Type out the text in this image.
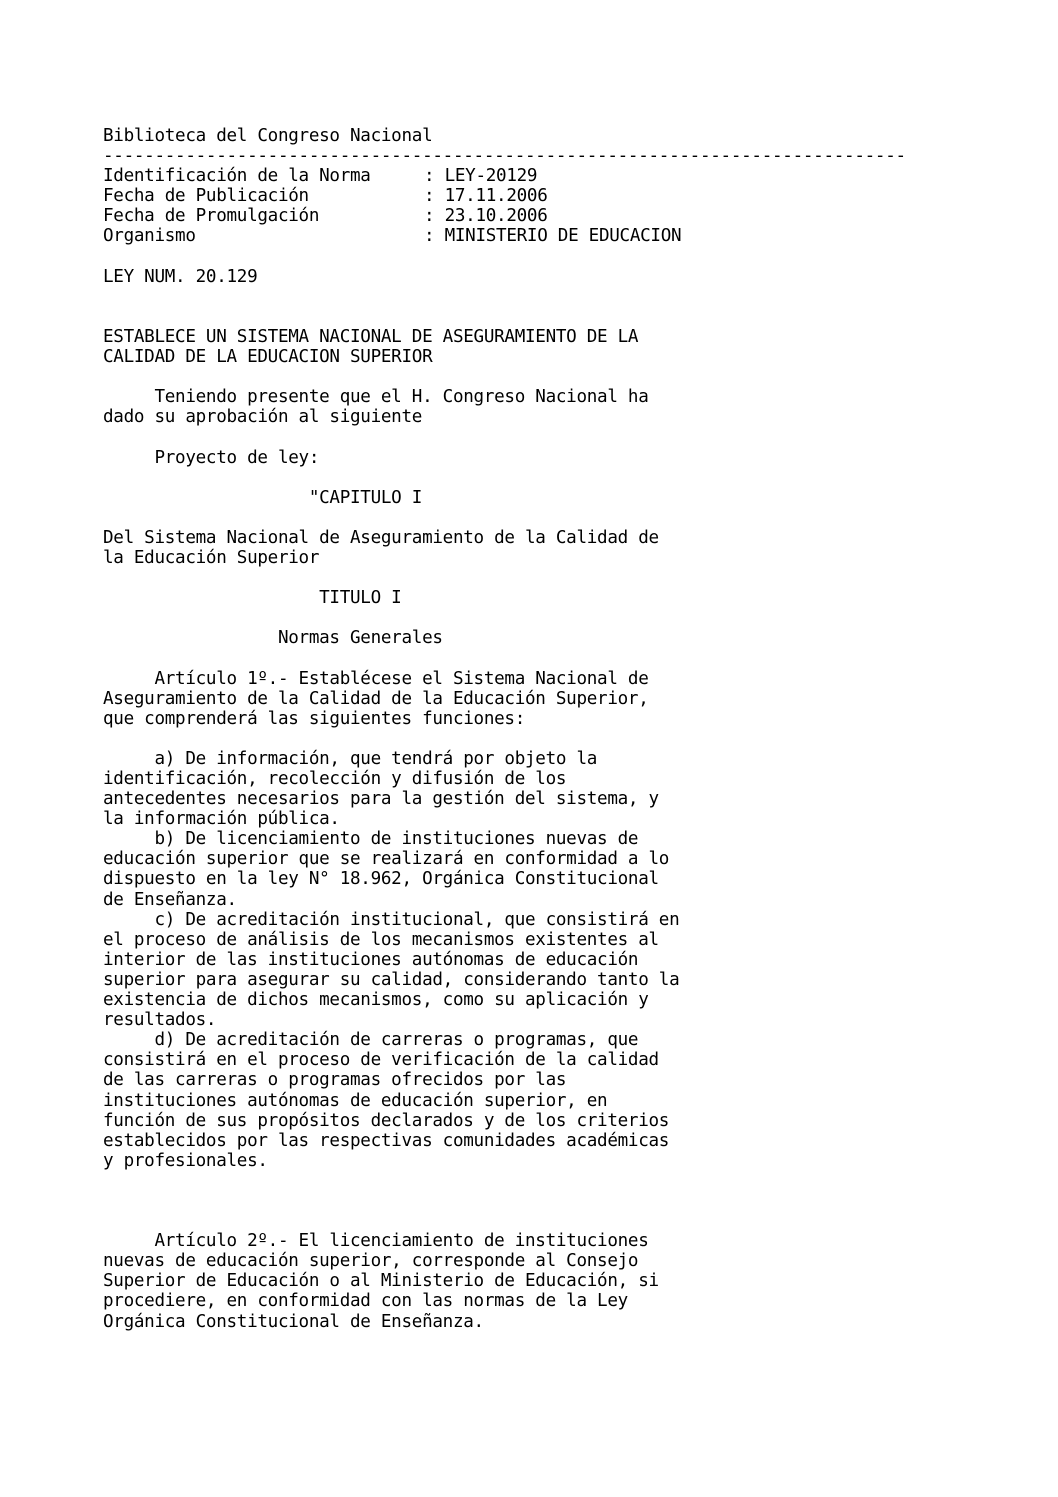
Biblioteca del Congreso Nacional
------------------------------------------------------------------------------
Identificación de la Norma	: LEY-20129
Fecha de Publicación	: 17.11.2006
Fecha de Promulgación	: 23.10.2006
Organismo	: MINISTERIO DE EDUCACION
LEY NUM. 20.129
ESTABLECE UN SISTEMA NACIONAL DE ASEGURAMIENTO DE LA
CALIDAD DE LA EDUCACION SUPERIOR
Teniendo presente que el H. Congreso Nacional ha
dado su aprobación al siguiente
Proyecto de ley:
"CAPITULO I
Del Sistema Nacional de Aseguramiento de la Calidad de
la Educación Superior
TITULO I
Normas Generales
Artículo 1º.- Establécese el Sistema Nacional de
Aseguramiento de la Calidad de la Educación Superior,
que comprenderá las siguientes funciones:
a) De información, que tendrá por objeto la
identificación, recolección y difusión de los
antecedentes necesarios para la gestión del sistema, y
la información pública.
b) De licenciamiento de instituciones nuevas de
educación superior que se realizará en conformidad a lo
dispuesto en la ley N° 18.962, Orgánica Constitucional
de Enseñanza.
c) De acreditación institucional, que consistirá en
el proceso de análisis de los mecanismos existentes al
interior de las instituciones autónomas de educación
superior para asegurar su calidad, considerando tanto la
existencia de dichos mecanismos, como su aplicación y
resultados.
d) De acreditación de carreras o programas, que
consistirá en el proceso de verificación de la calidad
de las carreras o programas ofrecidos por las
instituciones autónomas de educación superior, en
función de sus propósitos declarados y de los criterios
establecidos por las respectivas comunidades académicas
y profesionales.
Artículo 2º.- El licenciamiento de instituciones
nuevas de educación superior, corresponde al Consejo
Superior de Educación o al Ministerio de Educación, si
procediere, en conformidad con las normas de la Ley
Orgánica Constitucional de Enseñanza.
